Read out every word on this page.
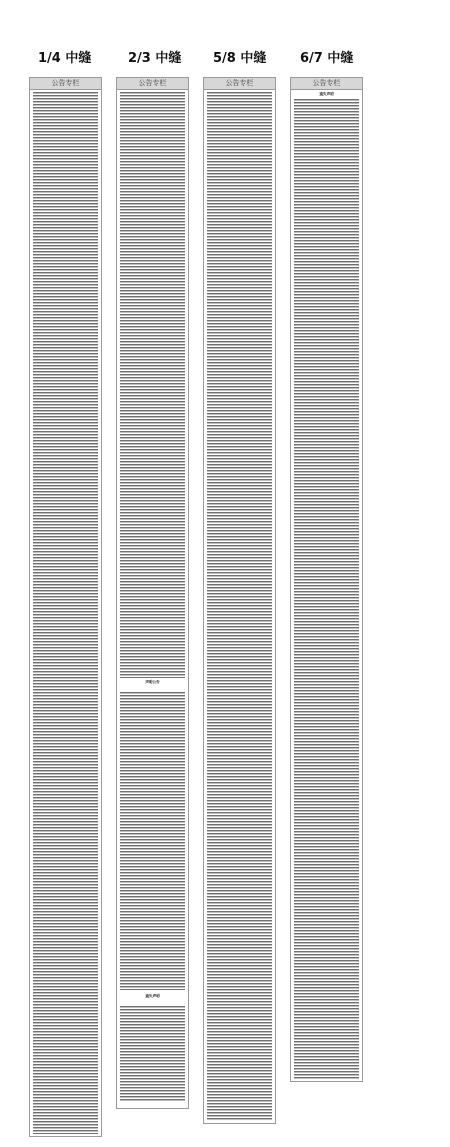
1/4 中缝	2/3 中缝 5/8 中缝	6/7 中缝
公告专栏	公告专栏
声明公告
遗失声明
公告专栏	公告专栏
遗失声明
